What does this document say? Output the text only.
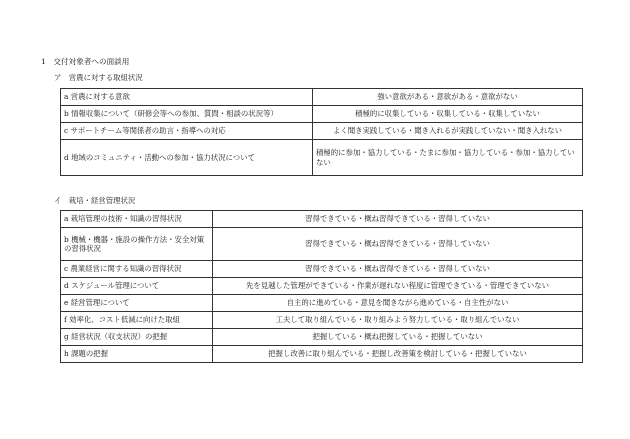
1　交付対象者への面談用
ア　営農に対する取組状況
a 営農に対する意欲	強い意欲がある・意欲がある・意欲がない
b 情報収集について（研修会等への参加、質問・相談の状況等）	積極的に収集している・収集している・収集していない
c サポートチーム等関係者の助言・指導への対応	よく聞き実践している・聞き入れるが実践していない・聞き入れない
d 地域のコミュニティ・活動への参加・協力状況について	積極的に参加・協力している・たまに参加・協力している・参加・協力していない
イ　栽培・経営管理状況
a 栽培管理の技術・知識の習得状況	習得できている・概ね習得できている・習得していない
b 機械・機器・施設の操作方法・安全対策の習得状況	習得できている・概ね習得できている・習得していない
c 農業経営に関する知識の習得状況	習得できている・概ね習得できている・習得していない
d スケジュール管理について	先を見越した管理ができている・作業が遅れない程度に管理できている・管理できていない
e 経営管理について	自主的に進めている・意見を聞きながら進めている・自主性がない
f 効率化、コスト低減に向けた取組	工夫して取り組んでいる・取り組みよう努力している・取り組んでいない
g 経営状況（収支状況）の把握	把握している・概ね把握している・把握していない
h 課題の把握	把握し改善に取り組んでいる・把握し改善策を検討している・把握していない
